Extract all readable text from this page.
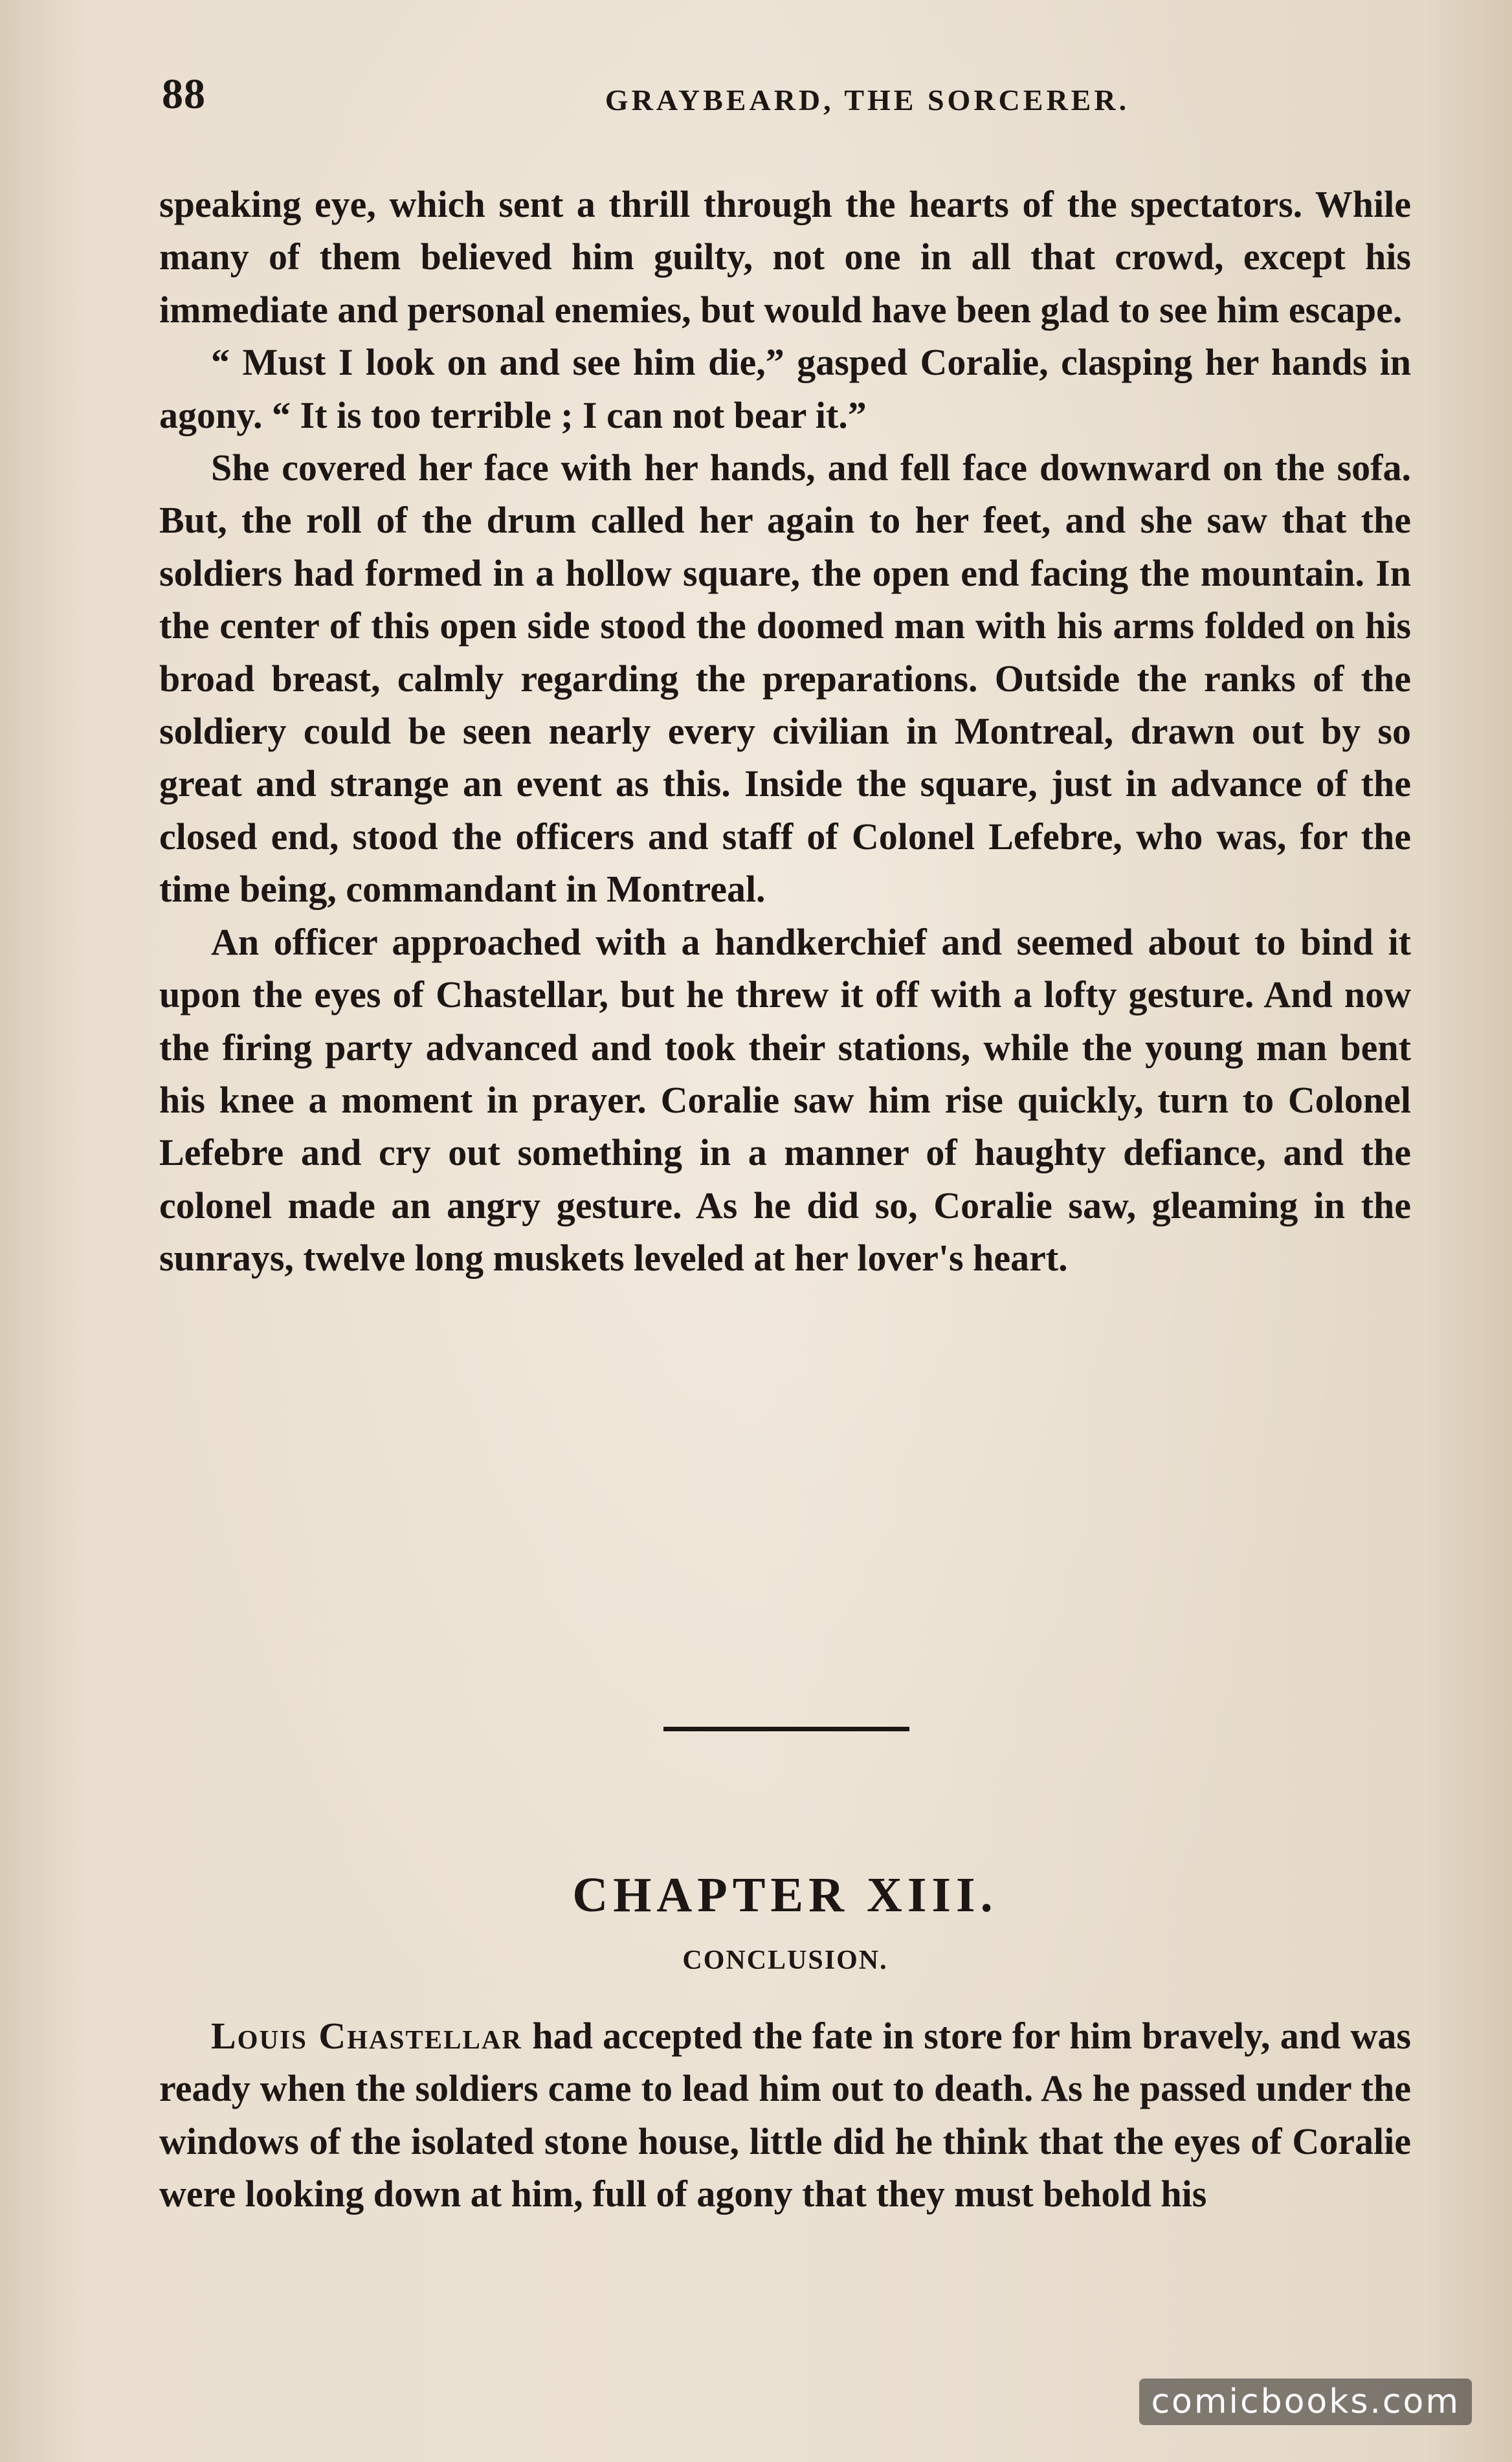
88	GRAYBEARD, THE SORCERER.

speaking eye, which sent a thrill through the hearts of the spectators. While many of them believed him guilty, not one in all that crowd, except his immediate and personal enemies, but would have been glad to see him escape.

“ Must I look on and see him die,” gasped Coralie, clasping her hands in agony. “ It is too terrible ; I can not bear it.”

She covered her face with her hands, and fell face downward on the sofa. But, the roll of the drum called her again to her feet, and she saw that the soldiers had formed in a hollow square, the open end facing the mountain. In the center of this open side stood the doomed man with his arms folded on his broad breast, calmly regarding the preparations. Outside the ranks of the soldiery could be seen nearly every civilian in Montreal, drawn out by so great and strange an event as this. Inside the square, just in advance of the closed end, stood the officers and staff of Colonel Lefebre, who was, for the time being, commandant in Montreal.

An officer approached with a handkerchief and seemed about to bind it upon the eyes of Chastellar, but he threw it off with a lofty gesture. And now the firing party advanced and took their stations, while the young man bent his knee a moment in prayer. Coralie saw him rise quickly, turn to Colonel Lefebre and cry out something in a manner of haughty defiance, and the colonel made an angry gesture. As he did so, Coralie saw, gleaming in the sunrays, twelve long muskets leveled at her lover's heart.

CHAPTER XIII.
CONCLUSION.

Louis Chastellar had accepted the fate in store for him bravely, and was ready when the soldiers came to lead him out to death. As he passed under the windows of the isolated stone house, little did he think that the eyes of Coralie were looking down at him, full of agony that they must behold his

comicbooks.com
